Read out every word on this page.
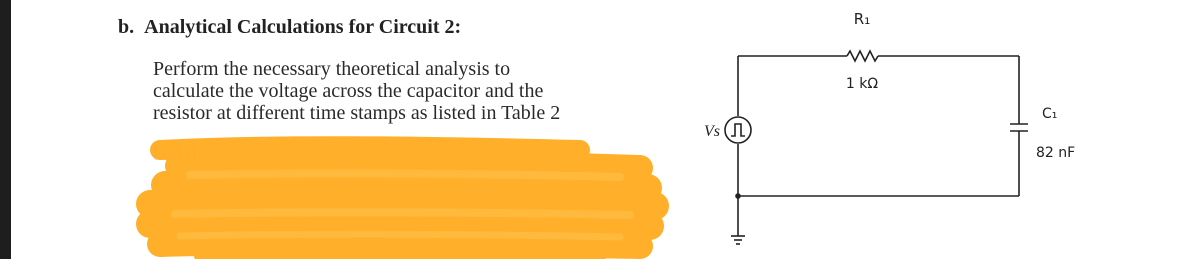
b. Analytical Calculations for Circuit 2:
Perform the necessary theoretical analysis to
calculate the voltage across the capacitor and the
resistor at different time stamps as listed in Table 2
and d
R₁
1 kΩ
Vs
C₁
82 nF
